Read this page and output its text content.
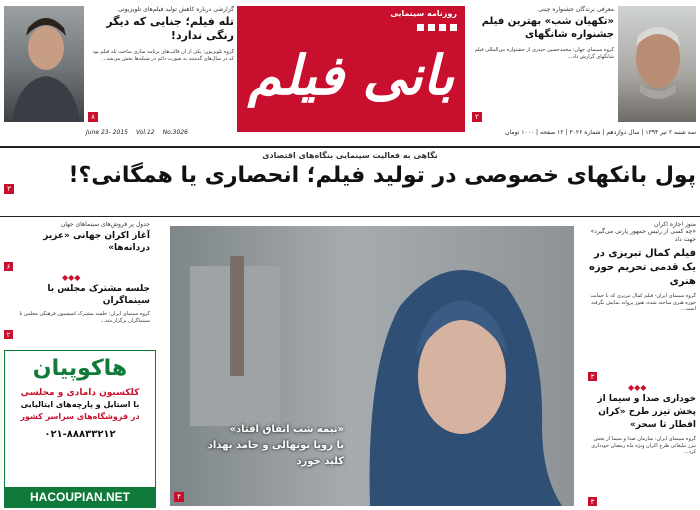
گزارشی درباره کاهش تولید فیلم‌های تلویزیونی
تله فیلم؛ جنایی که دیگر رنگی ندارد!
گروه تلویزیون: یکی از آن قالب‌های برنامه سازی ساخت تله فیلم بود که در سال‌های گذشته به صورت دائم در شبکه‌ها پخش می‌شد...
۸
روزنامه سینمایی
بانی فیلم
معرفی برندگان جشنواره چینی
«تکهیان شب» بهترین فیلم جشنواره شانگهای
گروه سینمای جهان: محمدحسین حیدری از جشنواره بین‌المللی فیلم شانگهای گزارش داد...
۲
June 23- 2015 Vol.12 No.3026	سه شنبه ۲ تیر ۱۳۹۴ | سال دوازدهم | شماره ۳۰۲۶ | ۱۲ صفحه | ۱۰۰۰ تومان
نگاهی به فعالیت سینمایی بنگاه‌های اقتصادی
پول بانکهای خصوصی در تولید فیلم؛ انحصاری یا همگانی؟!
۳
جدول پر فروش‌های سینماهای جهان
آغاز اکران جهانی «عزیز دردانه‌ها»
۶
◆◆◆
جلسه مشترک مجلس با سینماگران
گروه سینمای ایران: جلسه مشترک کمیسیون فرهنگی مجلس با سینماگران برگزار شد...
۲
هاکوپیان
کلکسیون دامادی و مجلسی
با استایل و پارچه‌های ایتالیایی
در فروشگاه‌های سراسر کشور
۰۲۱-۸۸۸۳۳۲۱۲
HACOUPIAN.NET
«نیمه شب اتفاق افتاد»
با رویا نونهالی و حامد بهداد
کلید خورد
۴
منوز اجازه اکران
«چه کسی از رئیس جمهور پارتی می‌گیرد» جهت داد
فیلم کمال تبریزی در یک قدمی تحریم حوزه هنری
گروه سینمای ایران- فیلم کمال تبریزی که با حمایت حوزه هنری ساخته شده، هنوز پروانه نمایش نگرفته است...
۳
◆◆◆
خوداری صدا و سیما از پخش تیزر طرح «کران افطار تا سحر»
گروه سینمای ایران: سازمان صدا و سیما از پخش تیزر تبلیغاتی طرح اکران ویژه ماه رمضان خودداری کرد...
۳
